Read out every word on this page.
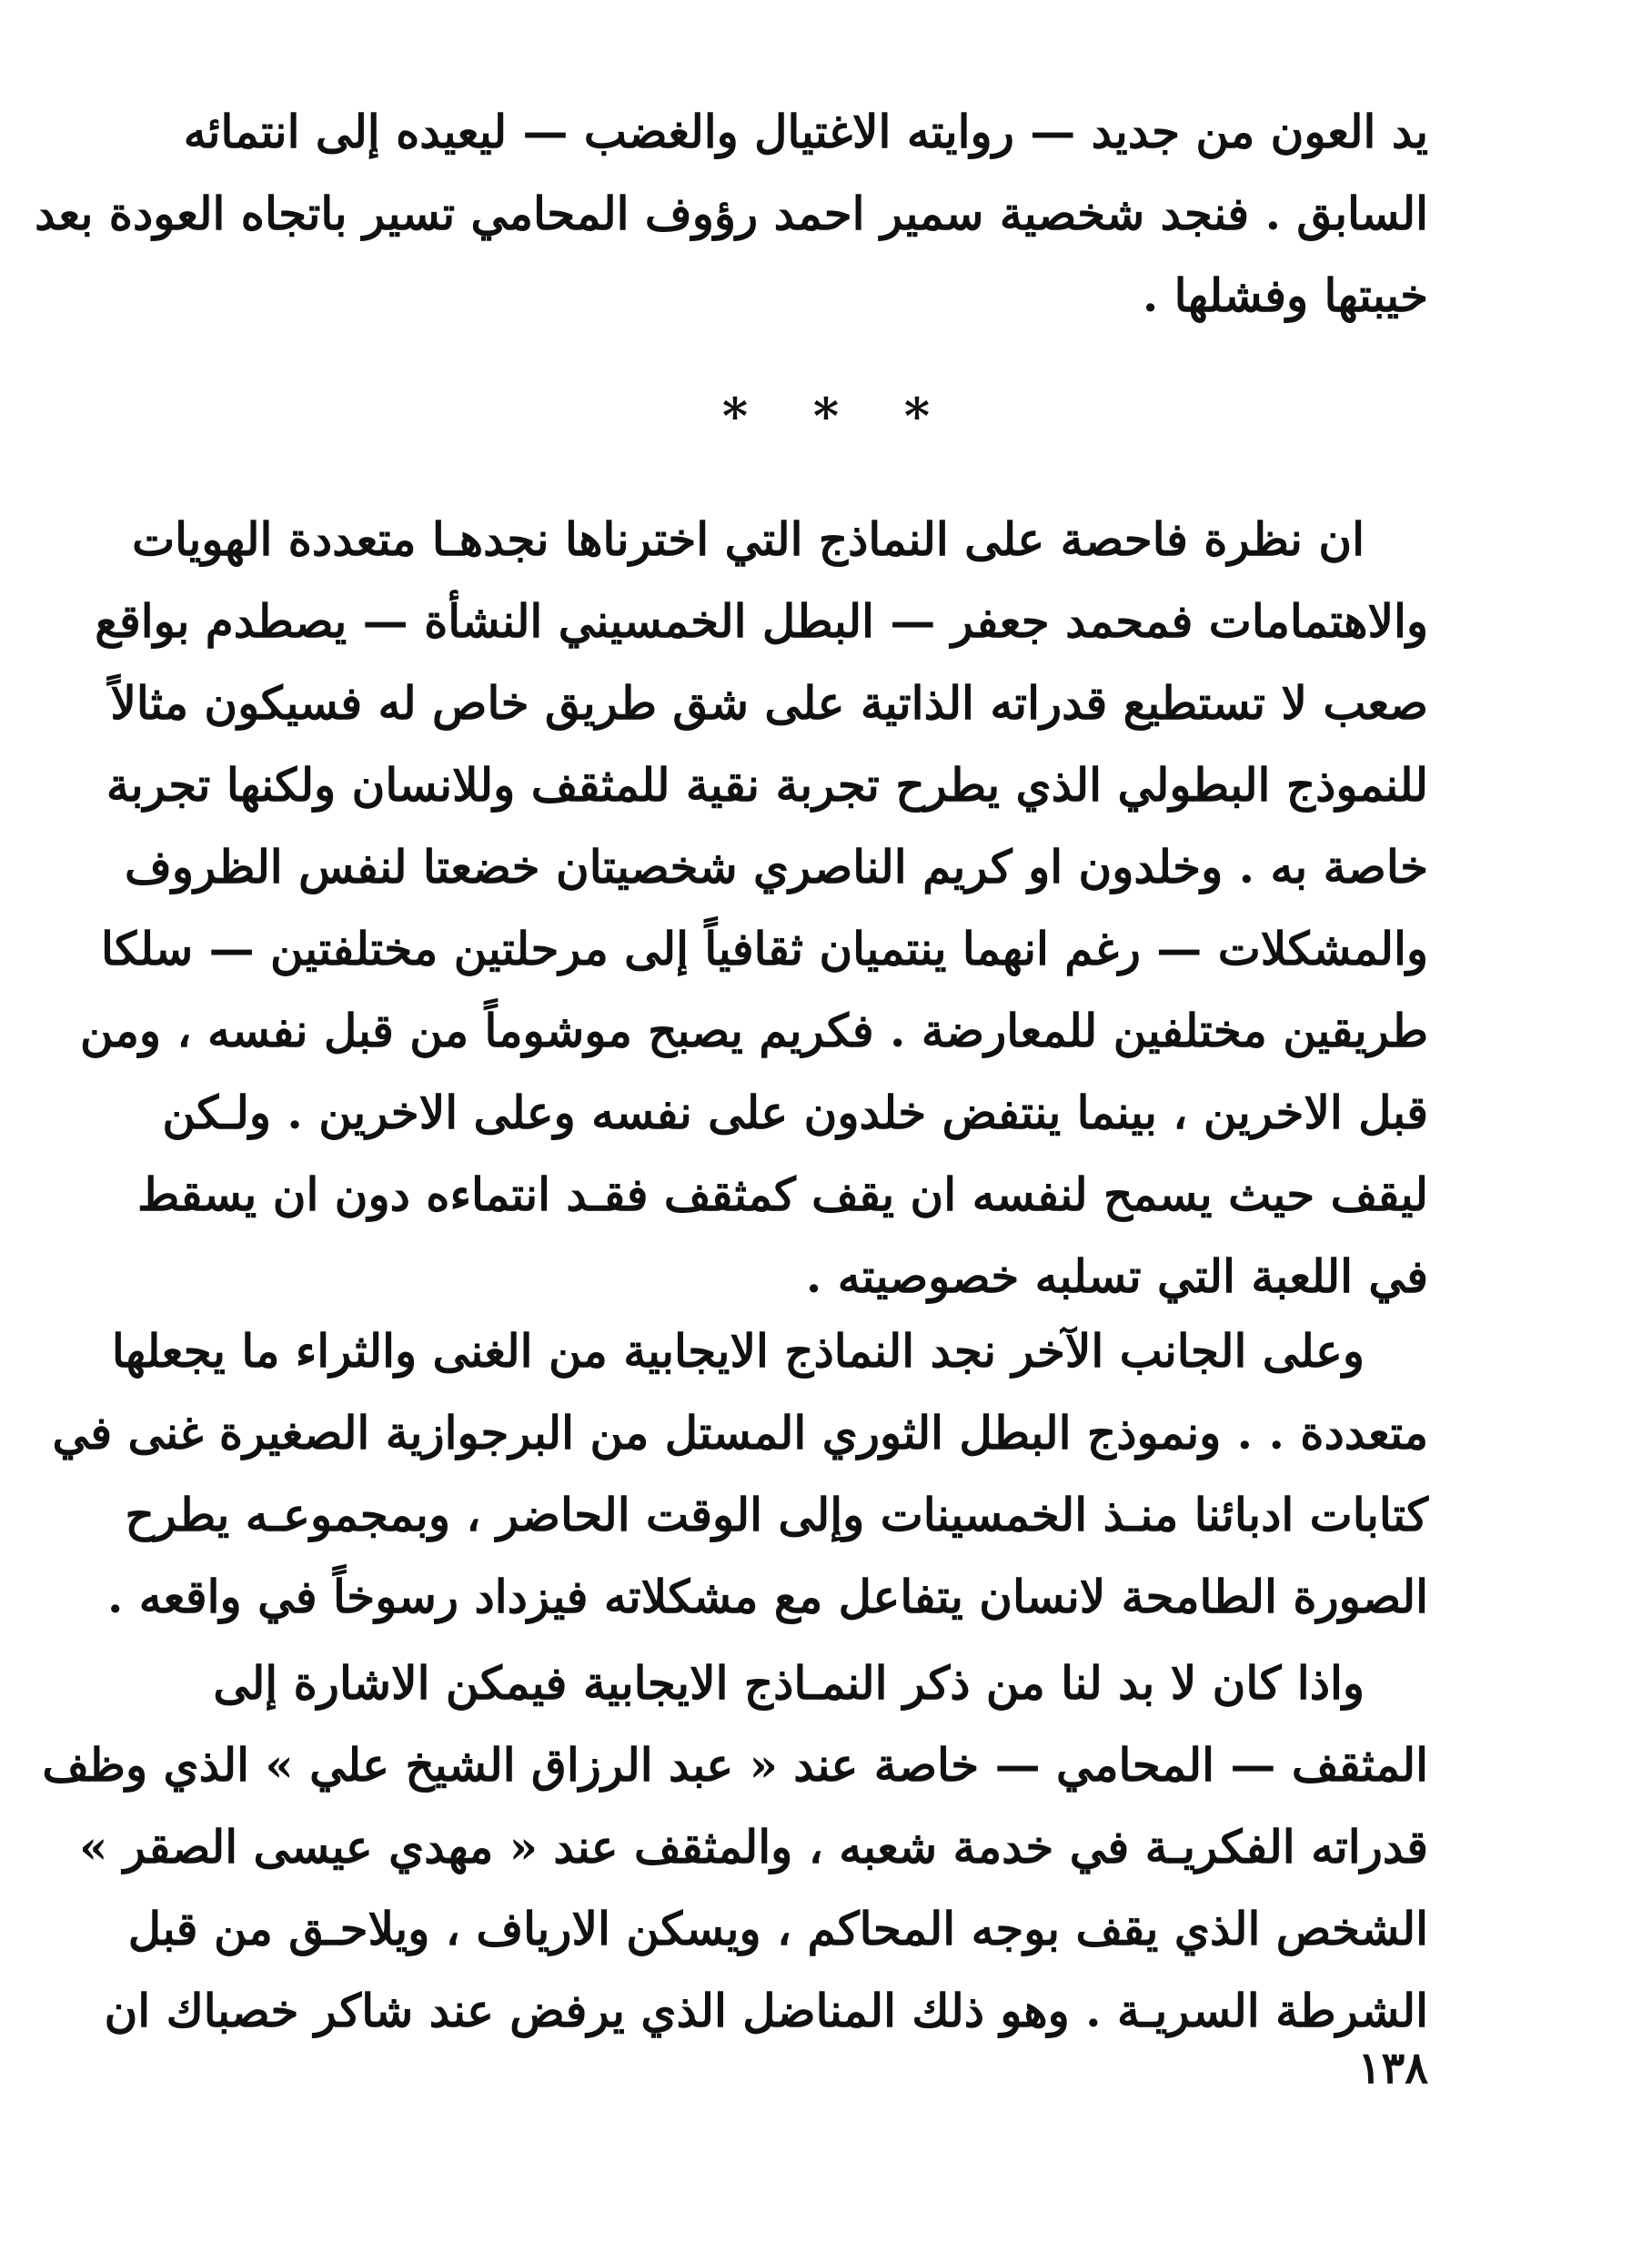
يد العون من جديد — روايته الاغتيال والغضب — ليعيده إلى انتمائه
السابق . فنجد شخصية سمير احمد رؤوف المحامي تسير باتجاه العودة بعد
خيبتها وفشلها .
* * *
ان نظرة فاحصة على النماذج التي اخترناها نجدهـا متعددة الهويات
والاهتمامات فمحمد جعفر — البطل الخمسيني النشأة — يصطدم بواقع
صعب لا تستطيع قدراته الذاتية على شق طريق خاص له فسيكون مثالاً
للنموذج البطولي الذي يطرح تجربة نقية للمثقف وللانسان ولكنها تجربة
خاصة به . وخلدون او كريم الناصري شخصيتان خضعتا لنفس الظروف
والمشكلات — رغم انهما ينتميان ثقافياً إلى مرحلتين مختلفتين — سلكا
طريقين مختلفين للمعارضة . فكريم يصبح موشوماً من قبل نفسه ، ومن
قبل الاخرين ، بينما ينتفض خلدون على نفسه وعلى الاخرين . ولـكن
ليقف حيث يسمح لنفسه ان يقف كمثقف فقـد انتماءه دون ان يسقط
في اللعبة التي تسلبه خصوصيته .
وعلى الجانب الآخر نجد النماذج الايجابية من الغنى والثراء ما يجعلها
متعددة . . ونموذج البطل الثوري المستل من البرجوازية الصغيرة غنى في
كتابات ادبائنا منـذ الخمسينات وإلى الوقت الحاضر ، وبمجموعـه يطرح
الصورة الطامحة لانسان يتفاعل مع مشكلاته فيزداد رسوخاً في واقعه .
واذا كان لا بد لنا من ذكر النمـاذج الايجابية فيمكن الاشارة إلى
المثقف — المحامي — خاصة عند « عبد الرزاق الشيخ علي » الذي وظف
قدراته الفكريـة في خدمة شعبه ، والمثقف عند « مهدي عيسى الصقر »
الشخص الذي يقف بوجه المحاكم ، ويسكن الارياف ، ويلاحـق من قبل
الشرطة السريـة . وهو ذلك المناضل الذي يرفض عند شاكر خصباك ان
١٣٨
